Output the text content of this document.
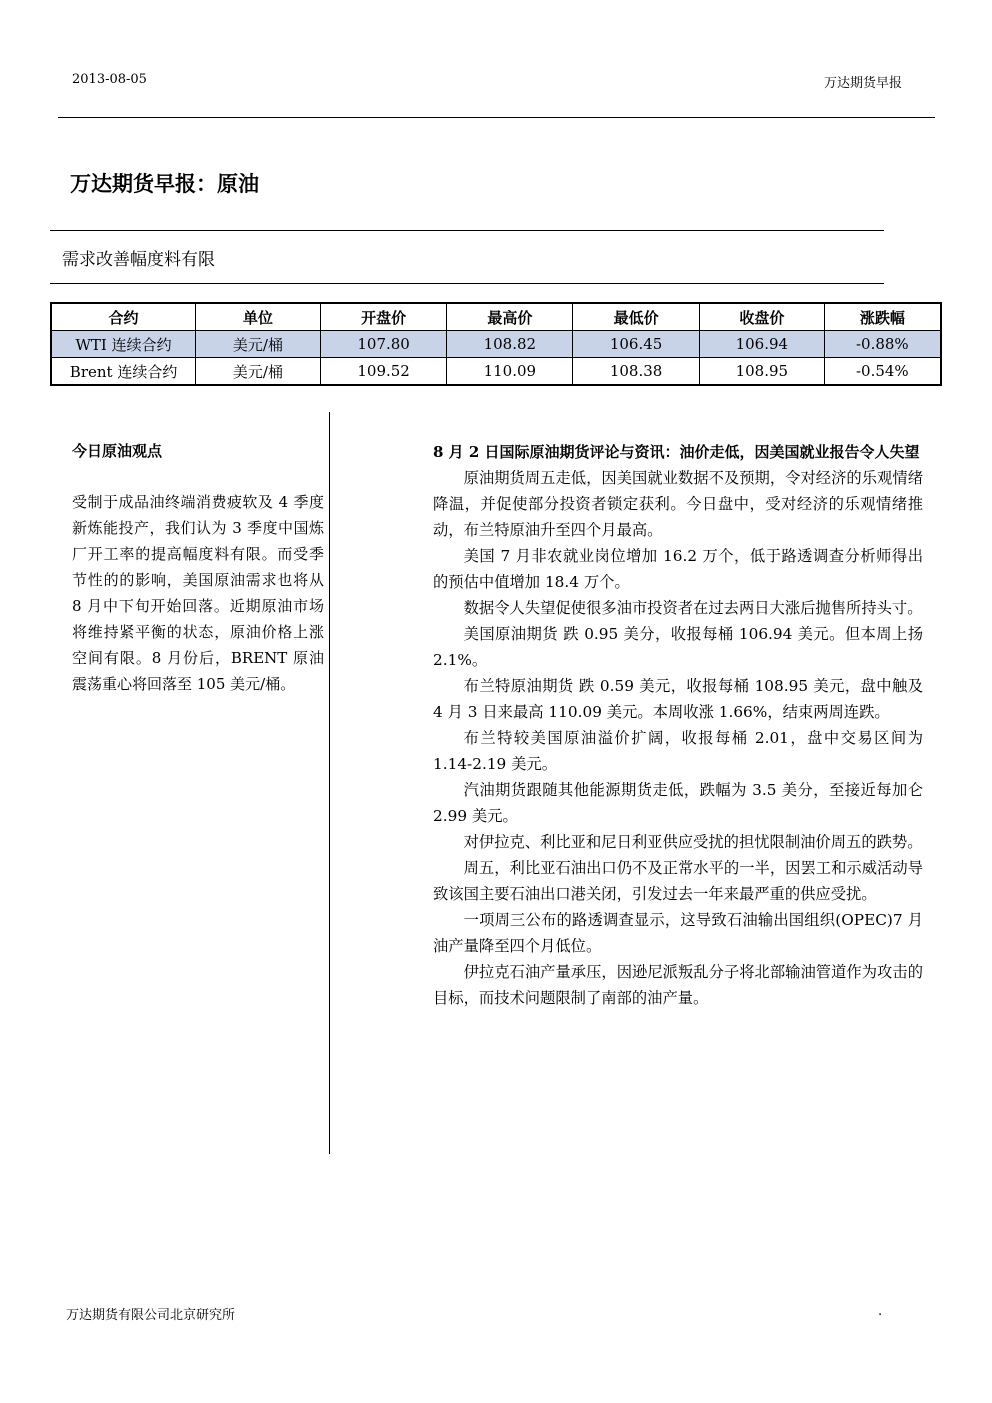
2013-08-05	万达期货早报
万达期货早报：原油
需求改善幅度料有限
合约	单位	开盘价	最高价	最低价	收盘价	涨跌幅
WTI 连续合约	美元/桶	107.80	108.82	106.45	106.94	-0.88%
Brent 连续合约	美元/桶	109.52	110.09	108.38	108.95	-0.54%

今日原油观点

受制于成品油终端消费疲软及 4 季度新炼能投产，我们认为 3 季度中国炼厂开工率的提高幅度料有限。而受季节性的的影响，美国原油需求也将从 8 月中下旬开始回落。近期原油市场将维持紧平衡的状态，原油价格上涨空间有限。8 月份后，BRENT 原油震荡重心将回落至 105 美元/桶。

8 月 2 日国际原油期货评论与资讯：油价走低，因美国就业报告令人失望

原油期货周五走低，因美国就业数据不及预期，令对经济的乐观情绪降温，并促使部分投资者锁定获利。今日盘中，受对经济的乐观情绪推动，布兰特原油升至四个月最高。

美国 7 月非农就业岗位增加 16.2 万个，低于路透调查分析师得出的预估中值增加 18.4 万个。

数据令人失望促使很多油市投资者在过去两日大涨后抛售所持头寸。

美国原油期货 跌 0.95 美分，收报每桶 106.94 美元。但本周上扬 2.1%。

布兰特原油期货 跌 0.59 美元，收报每桶 108.95 美元，盘中触及 4 月 3 日来最高 110.09 美元。本周收涨 1.66%，结束两周连跌。

布兰特较美国原油溢价扩阔，收报每桶 2.01，盘中交易区间为 1.14-2.19 美元。

汽油期货跟随其他能源期货走低，跌幅为 3.5 美分，至接近每加仑 2.99 美元。

对伊拉克、利比亚和尼日利亚供应受扰的担忧限制油价周五的跌势。

周五，利比亚石油出口仍不及正常水平的一半，因罢工和示威活动导致该国主要石油出口港关闭，引发过去一年来最严重的供应受扰。

一项周三公布的路透调查显示，这导致石油输出国组织(OPEC)7 月油产量降至四个月低位。

伊拉克石油产量承压，因逊尼派叛乱分子将北部输油管道作为攻击的目标，而技术问题限制了南部的油产量。

万达期货有限公司北京研究所	.
